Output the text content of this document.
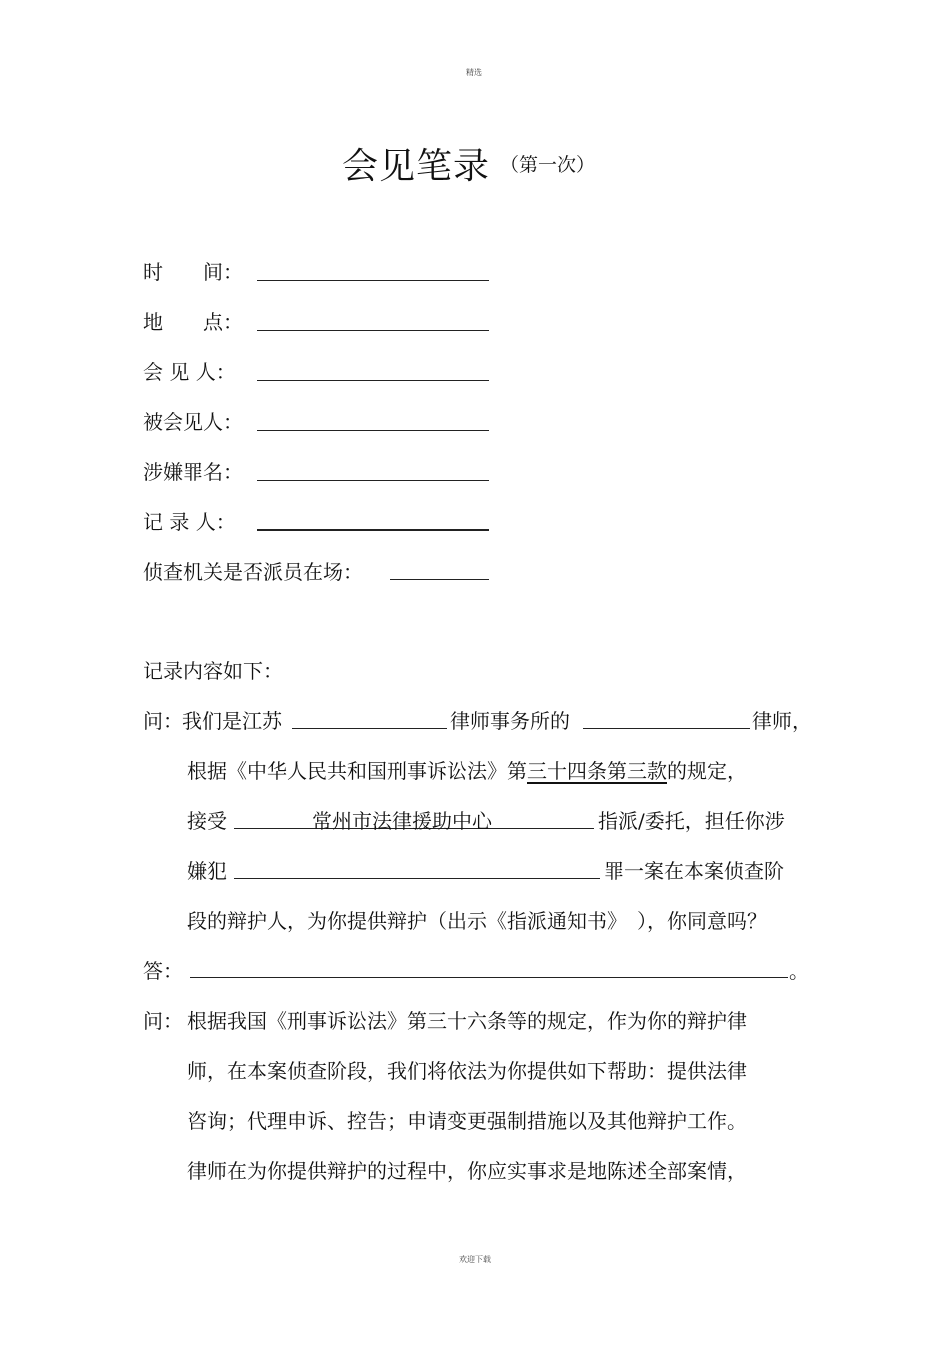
精选
欢迎下载
会见笔录 （第一次）
时　　间：
地　　点：
会 见 人：
被会见人：
涉嫌罪名：
记 录 人：
侦查机关是否派员在场：
记录内容如下：
问： 我们是江苏	律师事务所的	律师，
根据《中华人民共和国刑事诉讼法》第三十四条第三款的规定，
接受	常州市法律援助中心	指派/委托，担任你涉
嫌犯	罪一案在本案侦查阶
段的辩护人，为你提供辩护（出示《指派通知书》　），你同意吗？
答：	。
问： 根据我国《刑事诉讼法》第三十六条等的规定，作为你的辩护律
师，在本案侦查阶段，我们将依法为你提供如下帮助：提供法律
咨询；代理申诉、控告；申请变更强制措施以及其他辩护工作。
律师在为你提供辩护的过程中，你应实事求是地陈述全部案情，
